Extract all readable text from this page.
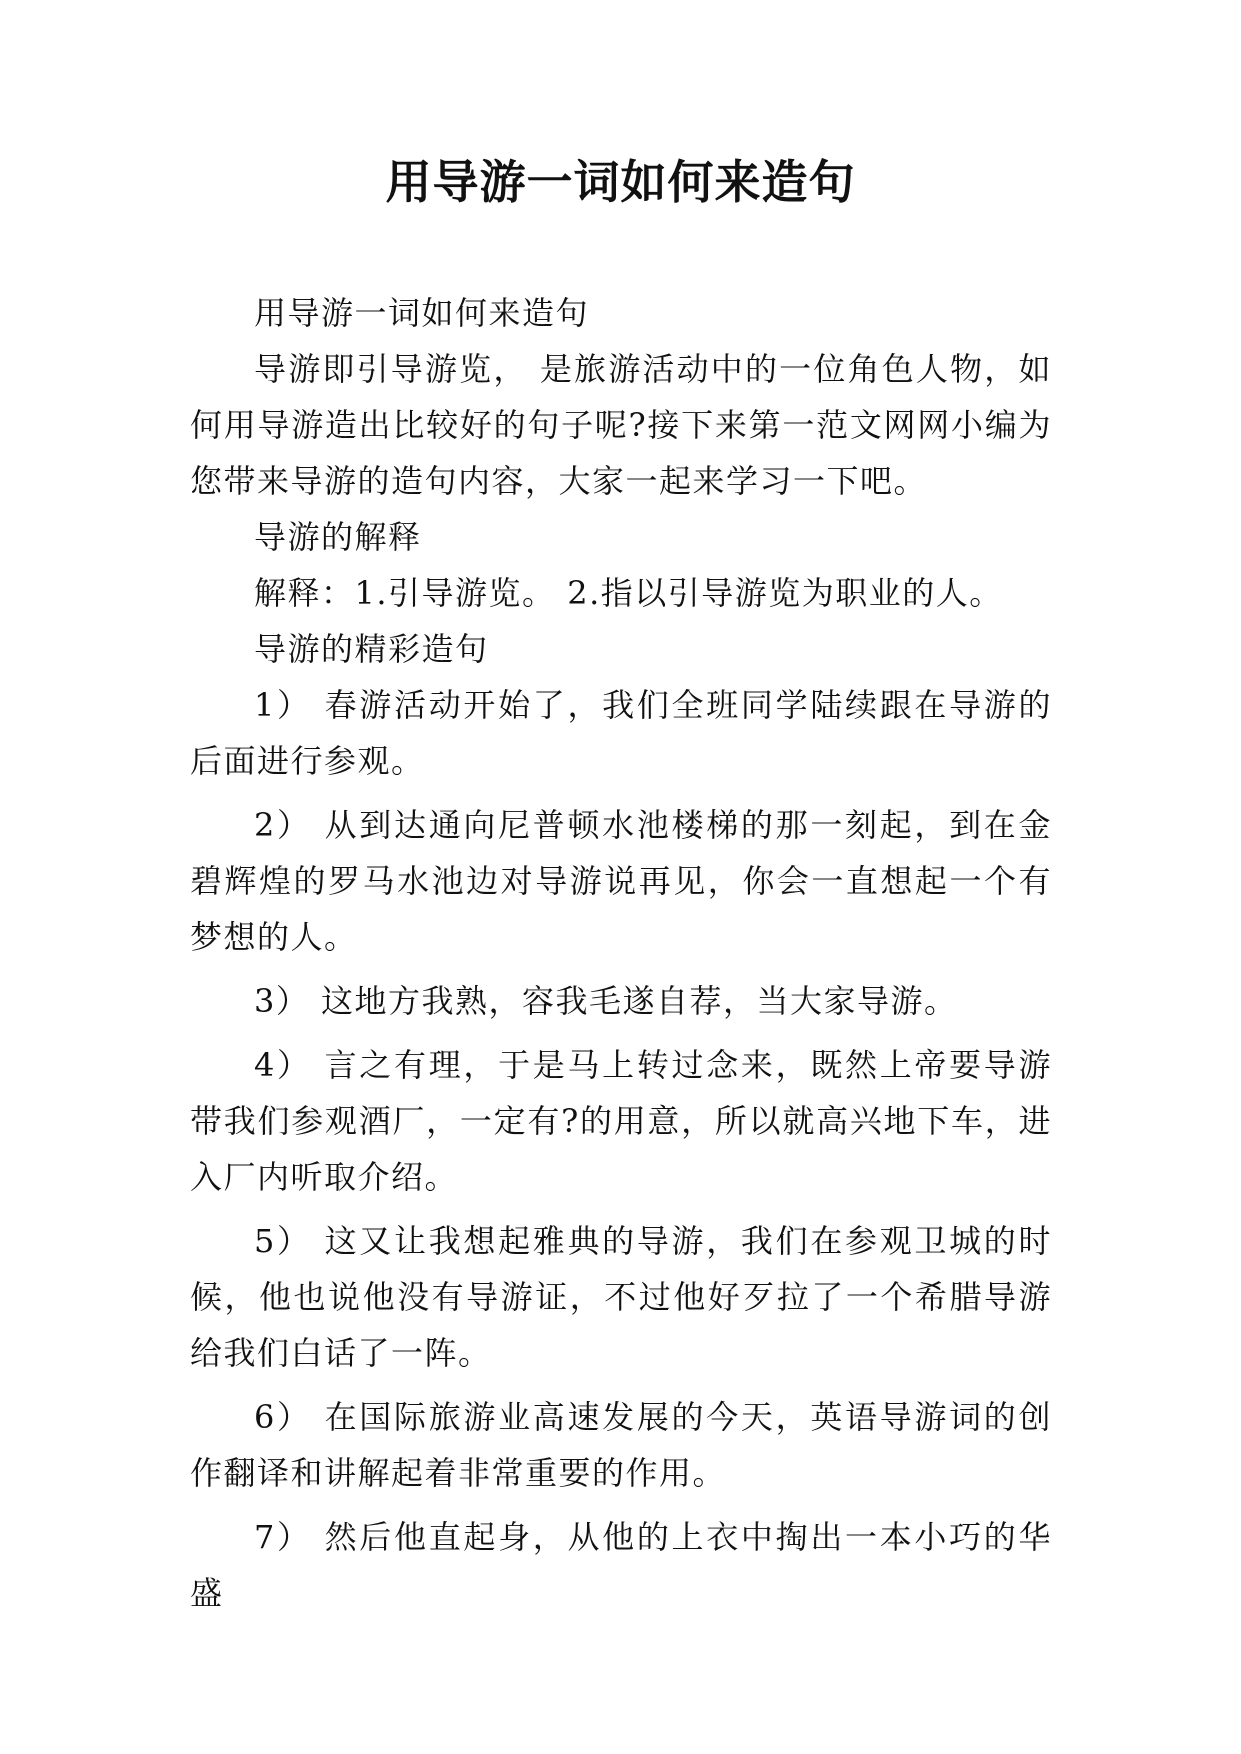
用导游一词如何来造句

用导游一词如何来造句

导游即引导游览， 是旅游活动中的一位角色人物，如何用导游造出比较好的句子呢?接下来第一范文网网小编为您带来导游的造句内容，大家一起来学习一下吧。

导游的解释

解释：1.引导游览。 2.指以引导游览为职业的人。

导游的精彩造句

1） 春游活动开始了，我们全班同学陆续跟在导游的后面进行参观。

2） 从到达通向尼普顿水池楼梯的那一刻起，到在金碧辉煌的罗马水池边对导游说再见，你会一直想起一个有梦想的人。

3） 这地方我熟，容我毛遂自荐，当大家导游。

4） 言之有理，于是马上转过念来，既然上帝要导游带我们参观酒厂，一定有?的用意，所以就高兴地下车，进入厂内听取介绍。

5） 这又让我想起雅典的导游，我们在参观卫城的时候，他也说他没有导游证，不过他好歹拉了一个希腊导游给我们白话了一阵。

6） 在国际旅游业高速发展的今天，英语导游词的创作翻译和讲解起着非常重要的作用。

7） 然后他直起身，从他的上衣中掏出一本小巧的华盛
